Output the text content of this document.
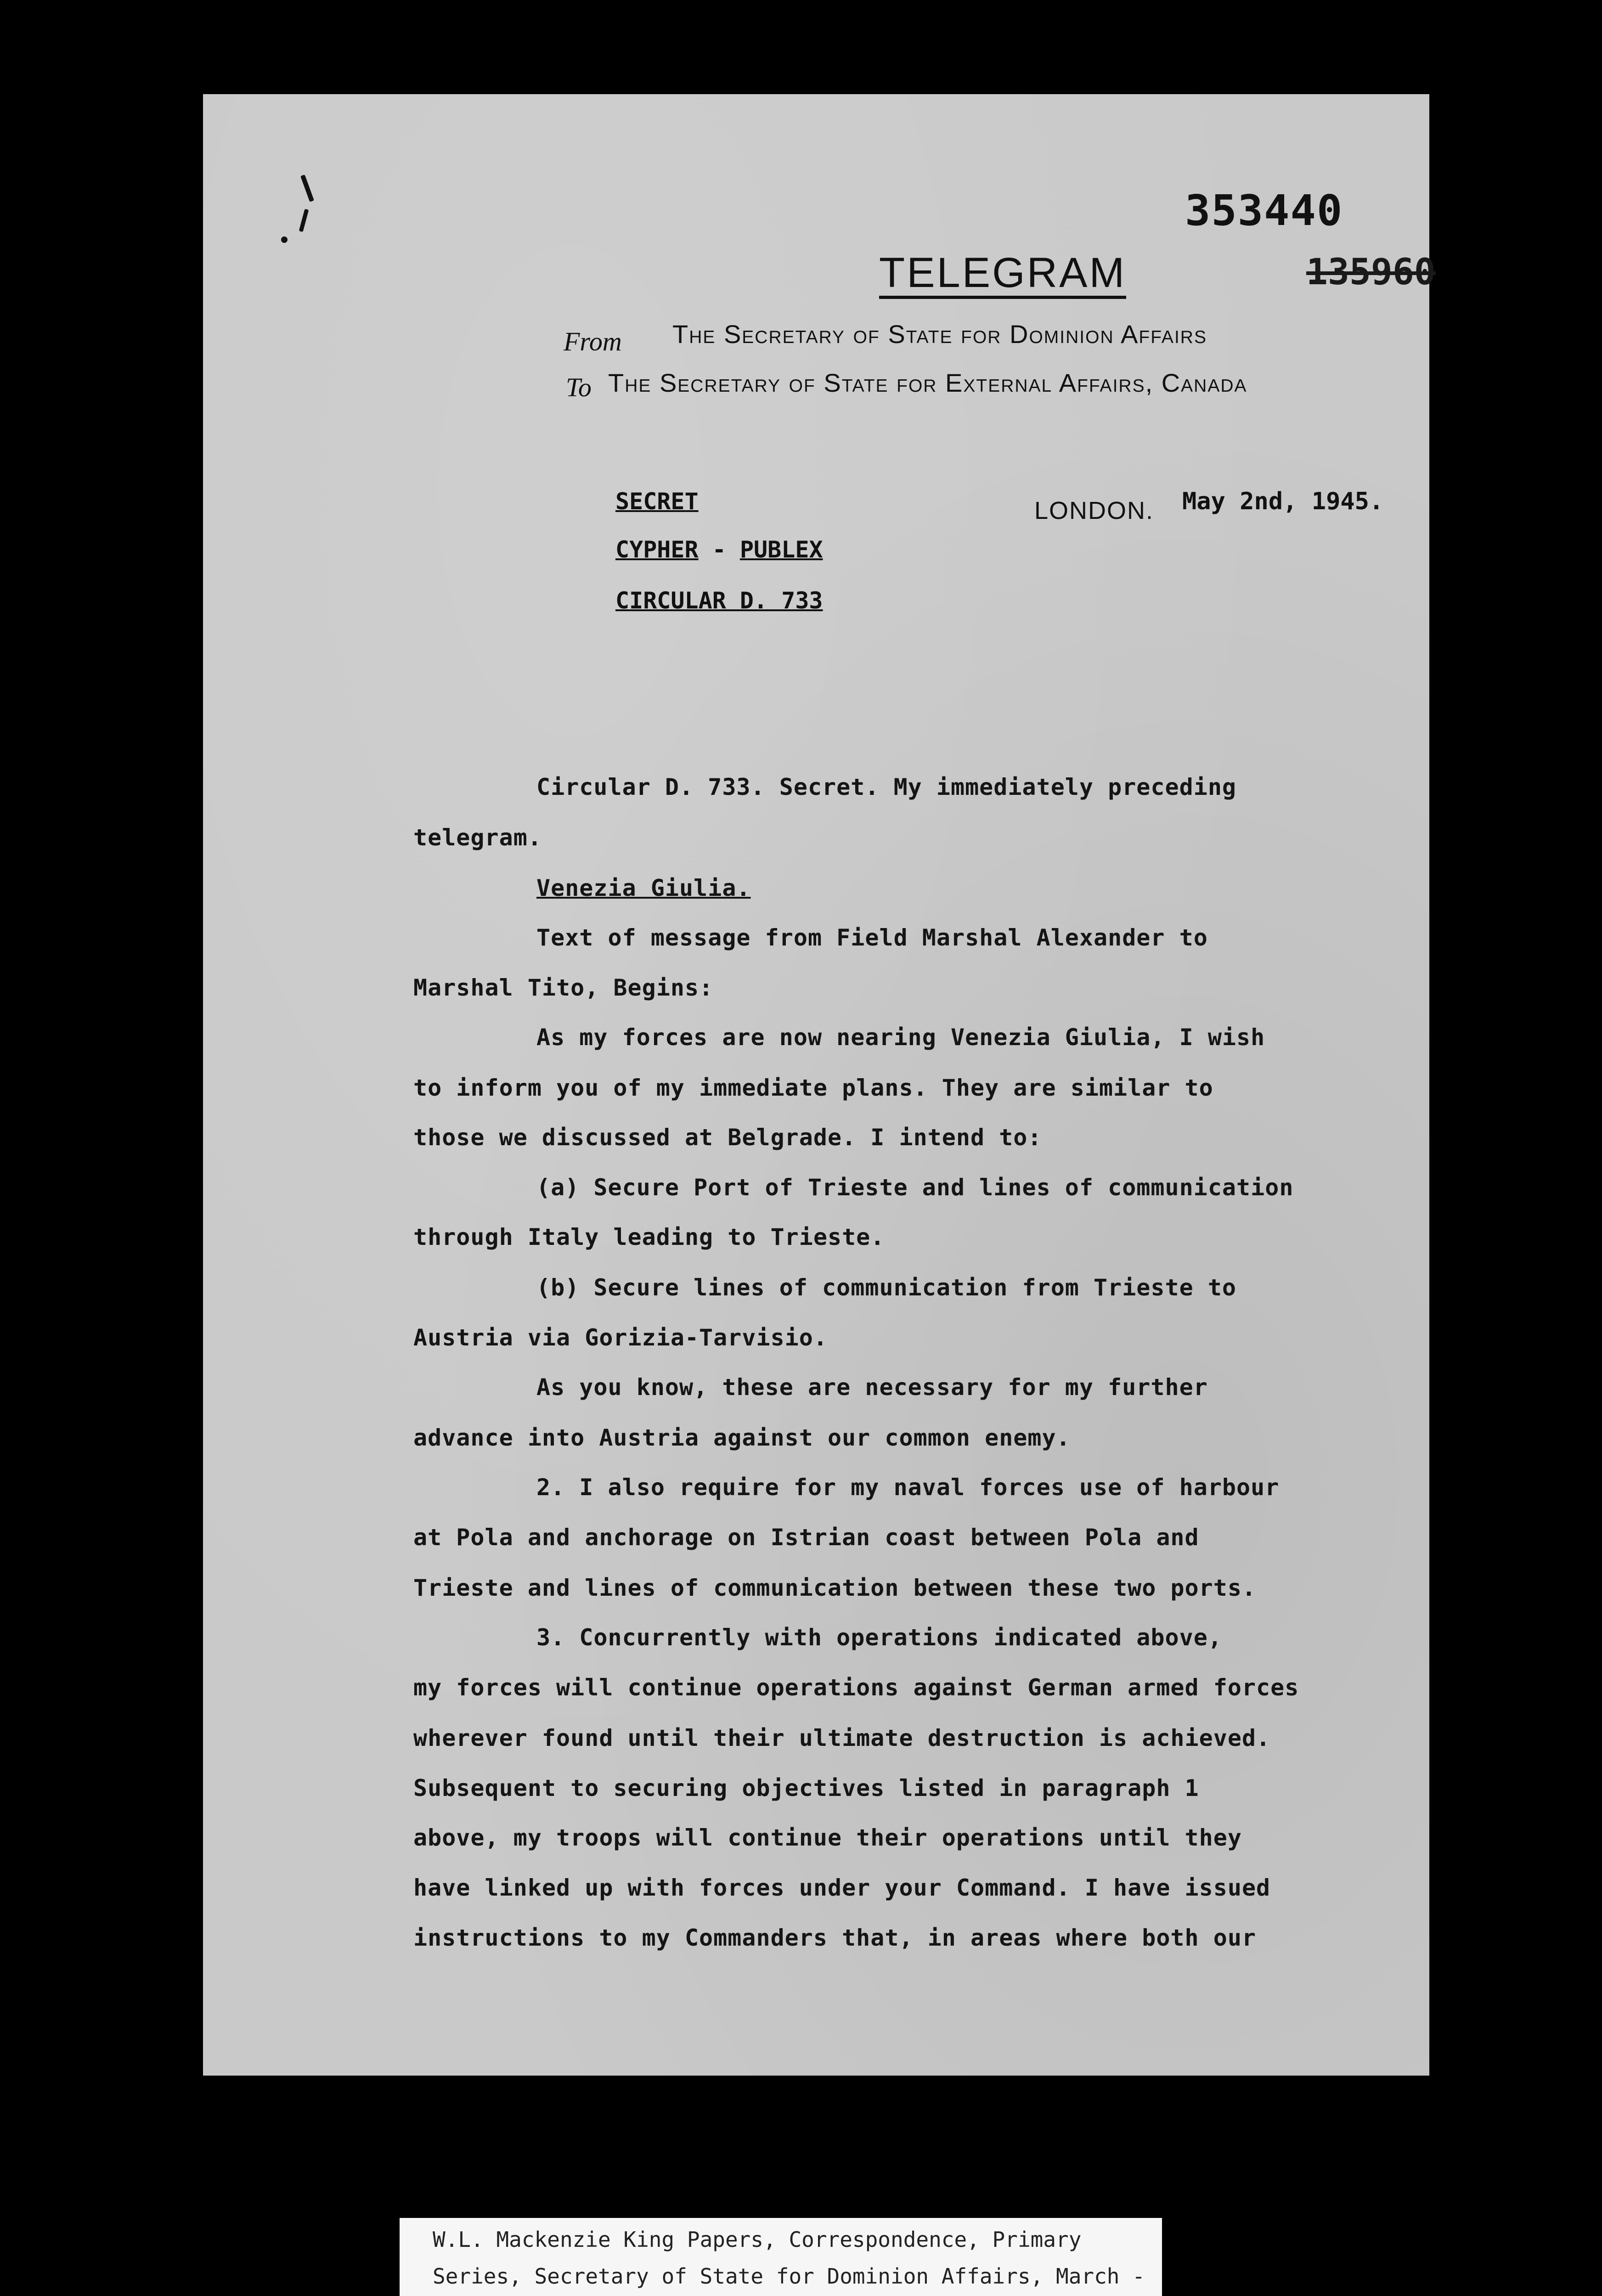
353440
135960
TELEGRAM
From The Secretary of State for Dominion Affairs
To The Secretary of State for External Affairs, Canada
SECRET
CYPHER - PUBLEX
CIRCULAR D. 733
LONDON. May 2nd, 1945.
Circular D. 733. Secret. My immediately preceding
telegram.
Venezia Giulia.
Text of message from Field Marshal Alexander to
Marshal Tito, Begins:
As my forces are now nearing Venezia Giulia, I wish
to inform you of my immediate plans. They are similar to
those we discussed at Belgrade. I intend to:
(a) Secure Port of Trieste and lines of communication
through Italy leading to Trieste.
(b) Secure lines of communication from Trieste to
Austria via Gorizia-Tarvisio.
As you know, these are necessary for my further
advance into Austria against our common enemy.
2. I also require for my naval forces use of harbour
at Pola and anchorage on Istrian coast between Pola and
Trieste and lines of communication between these two ports.
3. Concurrently with operations indicated above,
my forces will continue operations against German armed forces
wherever found until their ultimate destruction is achieved.
Subsequent to securing objectives listed in paragraph 1
above, my troops will continue their operations until they
have linked up with forces under your Command. I have issued
instructions to my Commanders that, in areas where both our
W.L. Mackenzie King Papers, Correspondence, Primary
Series, Secretary of State for Dominion Affairs, March -
